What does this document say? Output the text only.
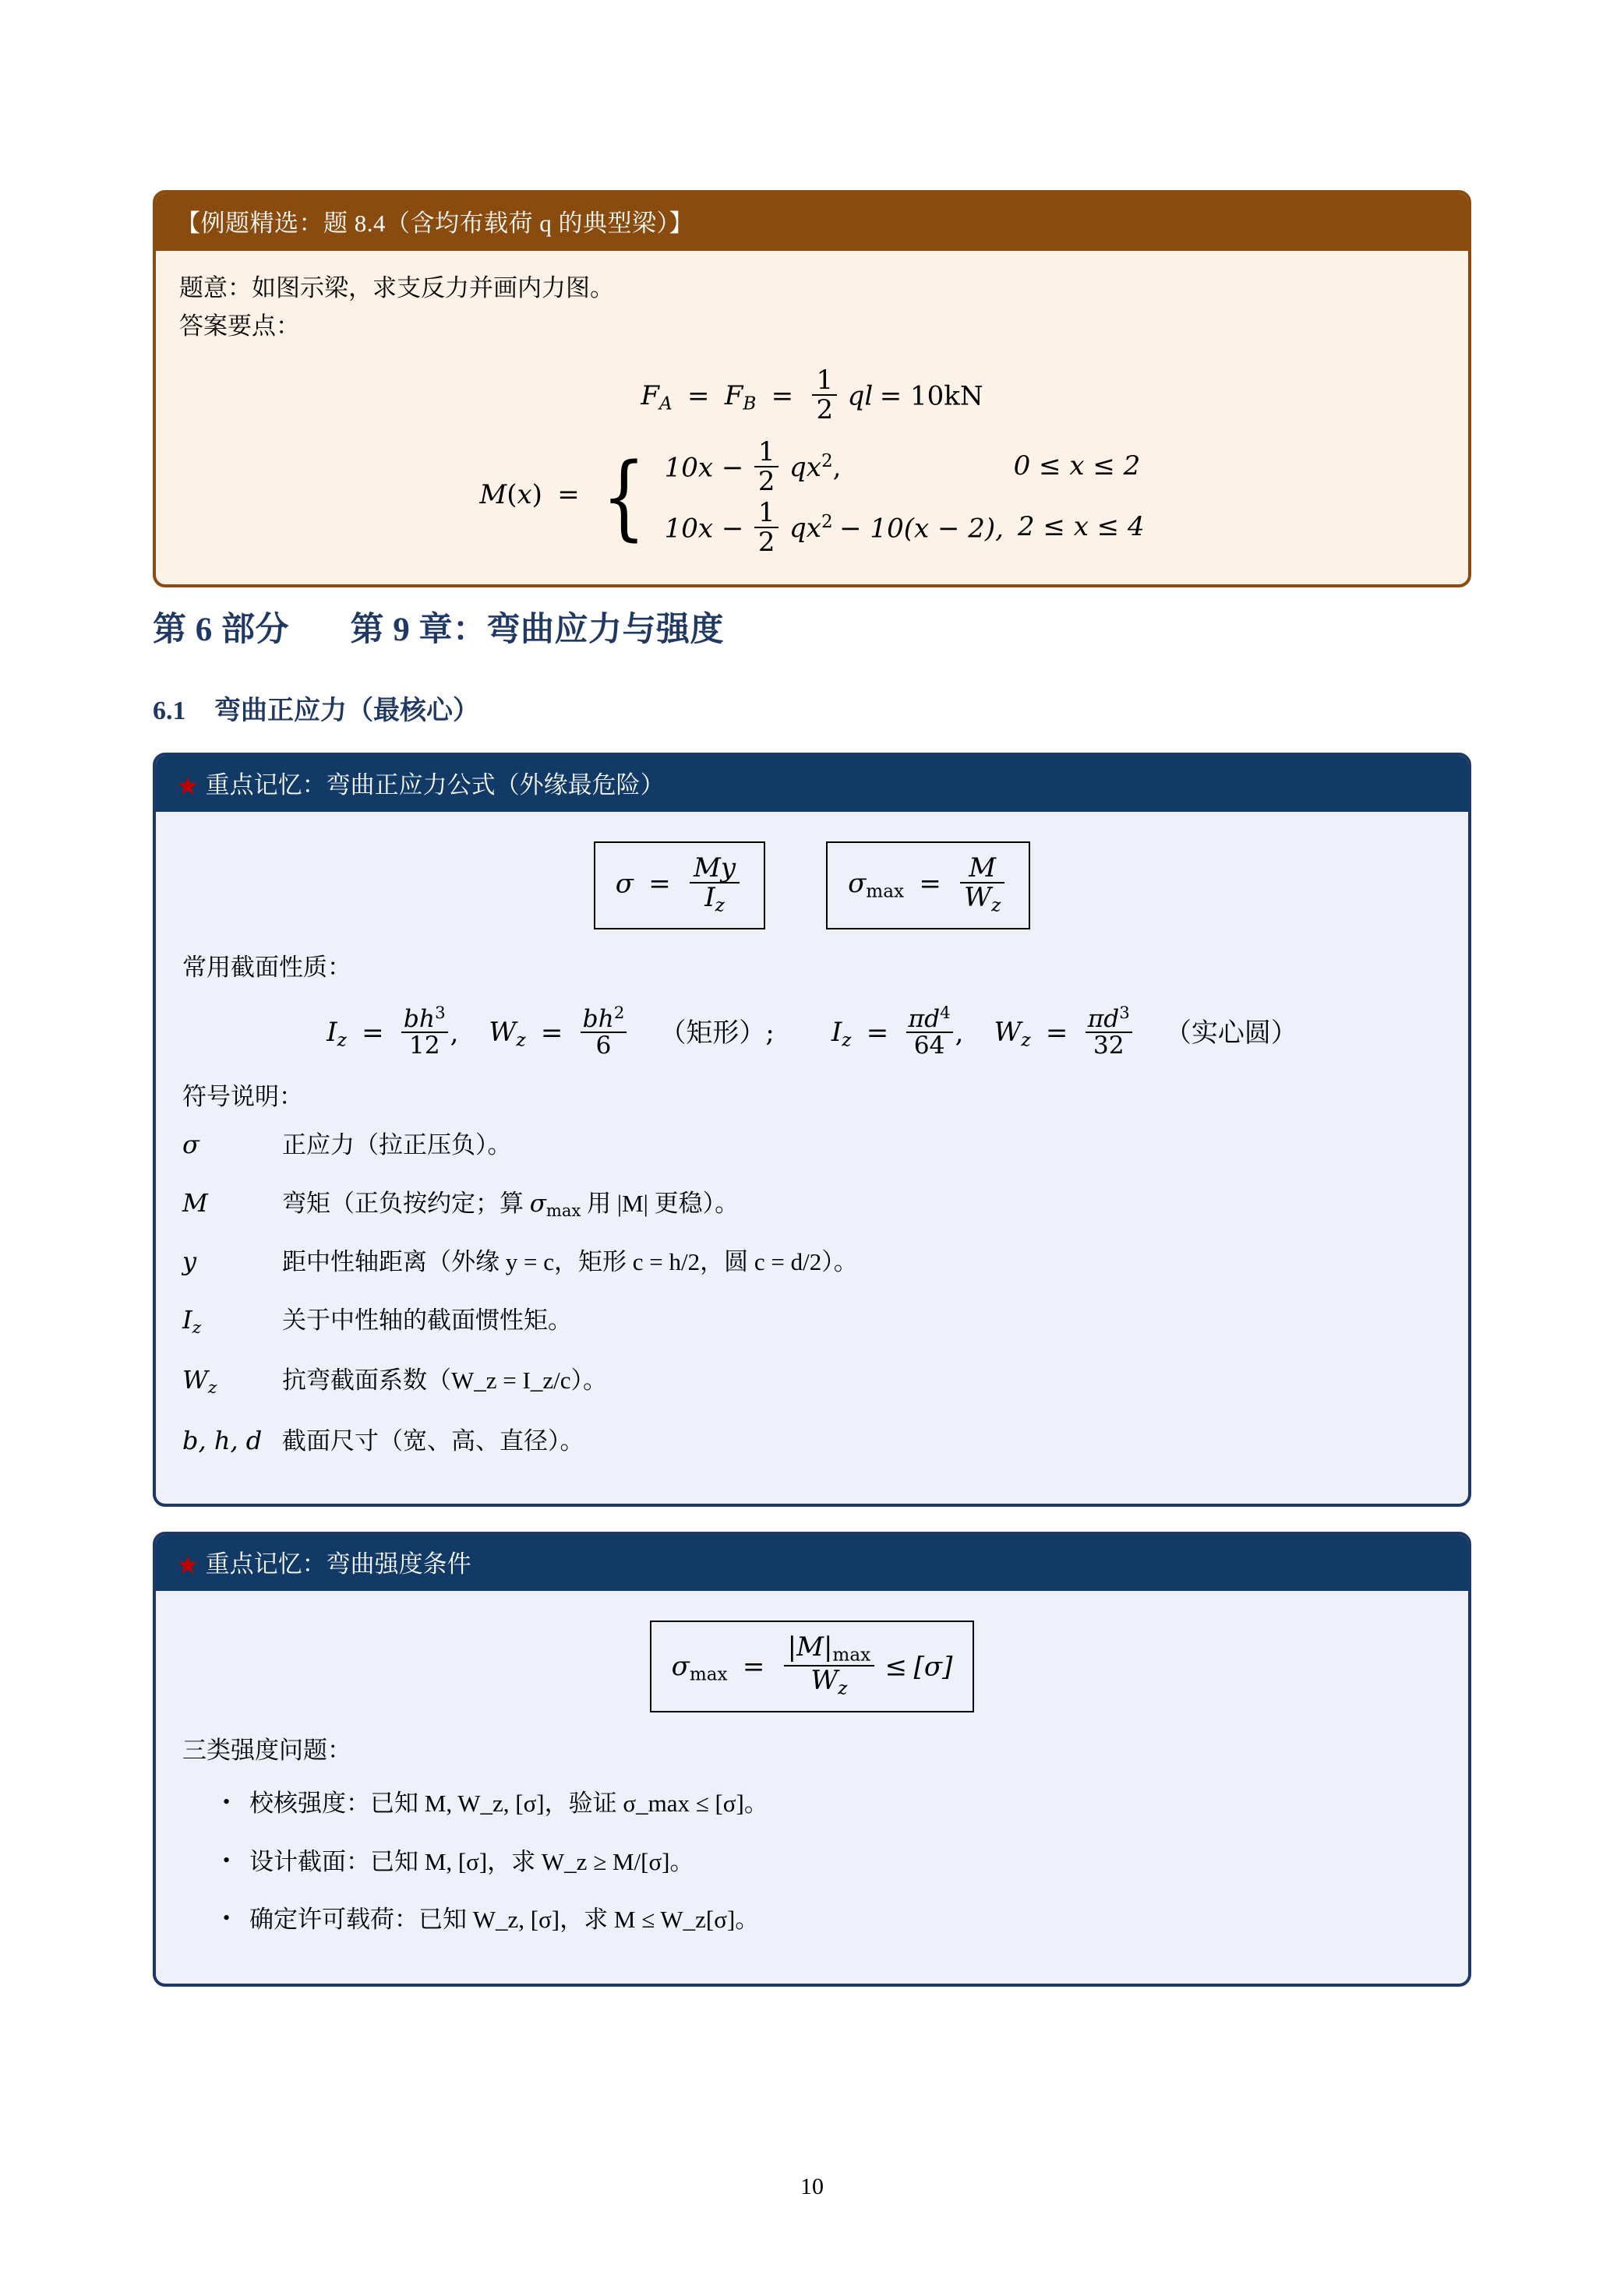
【例题精选：题 8.4（含均布载荷 q 的典型梁）】
题意：如图示梁，求支反力并画内力图。
答案要点：
$F_A = F_B = \frac{1}{2}$ ql = 10kN
M(x)  =  { $10x - \frac{1}{2} qx^2$,	0 ≤ x ≤ 2
$10x - \frac{1}{2} qx^2 - 10(x - 2)$, 2 ≤ x ≤ 4
第 6 部分 第 9 章：弯曲应力与强度
6.1 弯曲正应力（最核心）
★ 重点记忆：弯曲正应力公式（外缘最危险）
$\sigma = \frac{My}{I_z}$	$\sigma_{max} = \frac{M}{W_z}$
常用截面性质：
$I_z = \frac{bh^3}{12}$ , $W_z = \frac{bh^2}{6}$ （矩形）; $I_z = \frac{\pi d^4}{64}$ , $W_z = \frac{\pi d^3}{32}$ （实心圆）
符号说明：
σ	正应力（拉正压负）。
M	弯矩（正负按约定；算 $\sigma_{max}$ 用 |M| 更稳）。
y	距中性轴距离（外缘 y = c，矩形 c = h/2，圆 c = d/2）。
$I_z$	关于中性轴的截面惯性矩。
$W_z$	抗弯截面系数（W_z = I_z/c）。
b, h, d 截面尺寸（宽、高、直径）。
★ 重点记忆：弯曲强度条件
$\sigma_{max} = \frac{|M|_{max}}{W_z} \le [\sigma]$
三类强度问题：
• 校核强度：已知 M, W_z, [σ]，验证 σ_max ≤ [σ]。
• 设计截面：已知 M, [σ]，求 W_z ≥ M/[σ]。
• 确定许可载荷：已知 W_z, [σ]，求 M ≤ W_z[σ]。
10
